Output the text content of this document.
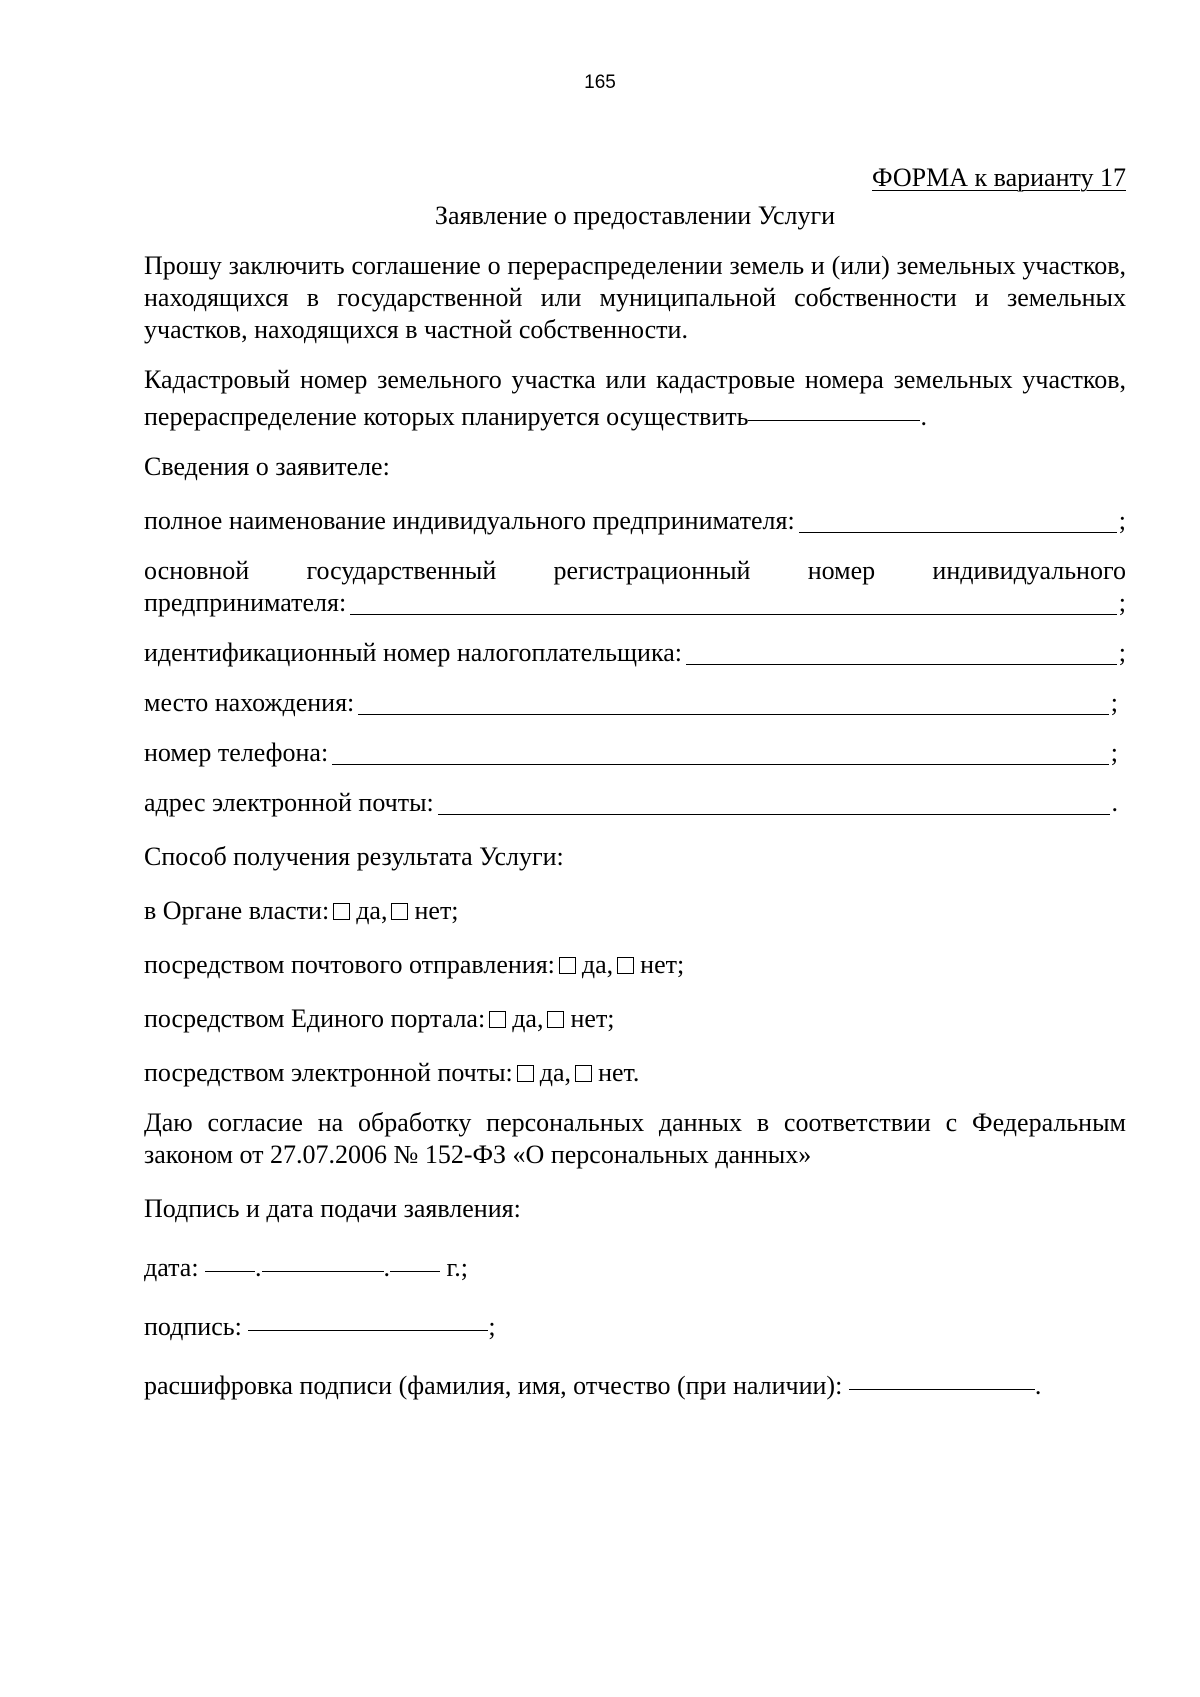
165

ФОРМА к варианту 17

Заявление о предоставлении Услуги

Прошу заключить соглашение о перераспределении земель и (или) земельных участков, находящихся в государственной или муниципальной собственности и земельных участков, находящихся в частной собственности.

Кадастровый номер земельного участка или кадастровые номера земельных участков, перераспределение которых планируется осуществить	.

Сведения о заявителе:

полное наименование индивидуального предпринимателя:	;

основной государственный регистрационный номер индивидуального

предпринимателя:	;
идентификационный номер налогоплательщика:	;
место нахождения:	;
номер телефона:	;
адрес электронной почты:	.

Способ получения результата Услуги:

в Органе власти: да, нет;

посредством почтового отправления: да, нет;

посредством Единого портала: да, нет;

посредством электронной почты: да, нет.

Даю согласие на обработку персональных данных в соответствии с Федеральным законом от 27.07.2006 № 152-ФЗ «О персональных данных»

Подпись и дата подачи заявления:

дата: .	. г.;

подпись:	;

расшифровка подписи (фамилия, имя, отчество (при наличии):	.
